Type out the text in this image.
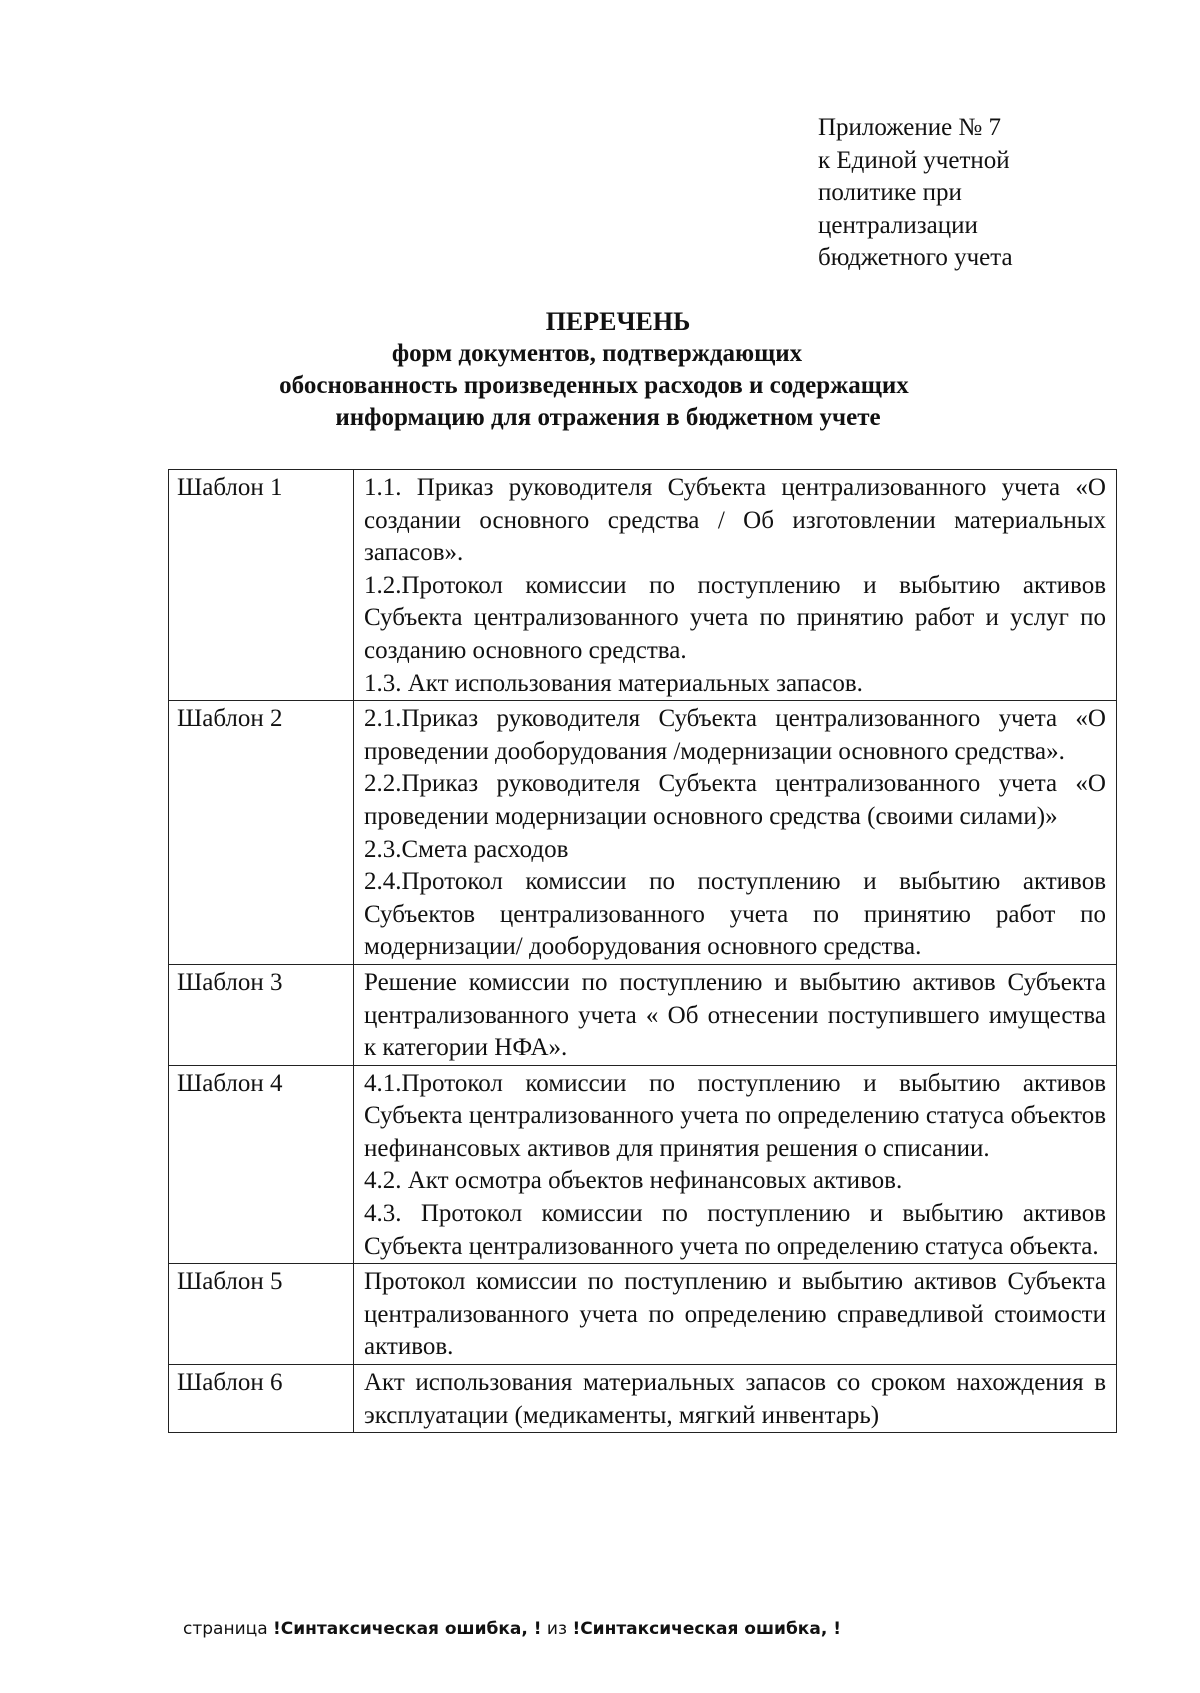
Приложение № 7
к Единой учетной
политике при
централизации
бюджетного учета
ПЕРЕЧЕНЬ
форм документов, подтверждающих
обоснованность произведенных расходов и содержащих
информацию для отражения в бюджетном учете
Шаблон 1	1.1. Приказ руководителя Субъекта централизованного учета «О создании основного средства / Об изготовлении материальных запасов».

1.2.Протокол комиссии по поступлению и выбытию активов Субъекта централизованного учета по принятию работ и услуг по созданию основного средства.

1.3. Акт использования материальных запасов.

Шаблон 2	2.1.Приказ руководителя Субъекта централизованного учета «О проведении дооборудования /модернизации основного средства».

2.2.Приказ руководителя Субъекта централизованного учета «О проведении модернизации основного средства (своими силами)»

2.3.Смета расходов

2.4.Протокол комиссии по поступлению и выбытию активов Субъектов централизованного учета по принятию работ по модернизации/ дооборудования основного средства.

Шаблон 3	Решение комиссии по поступлению и выбытию активов Субъекта централизованного учета « Об отнесении поступившего имущества к категории НФА».

Шаблон 4	4.1.Протокол комиссии по поступлению и выбытию активов Субъекта централизованного учета по определению статуса объектов нефинансовых активов для принятия решения о списании.

4.2. Акт осмотра объектов нефинансовых активов.

4.3. Протокол комиссии по поступлению и выбытию активов Субъекта централизованного учета по определению статуса объекта.

Шаблон 5	Протокол комиссии по поступлению и выбытию активов Субъекта централизованного учета по определению справедливой стоимости активов.

Шаблон 6	Акт использования материальных запасов со сроком нахождения в эксплуатации (медикаменты, мягкий инвентарь)

страница !Синтаксическая ошибка, ! из !Синтаксическая ошибка, !
